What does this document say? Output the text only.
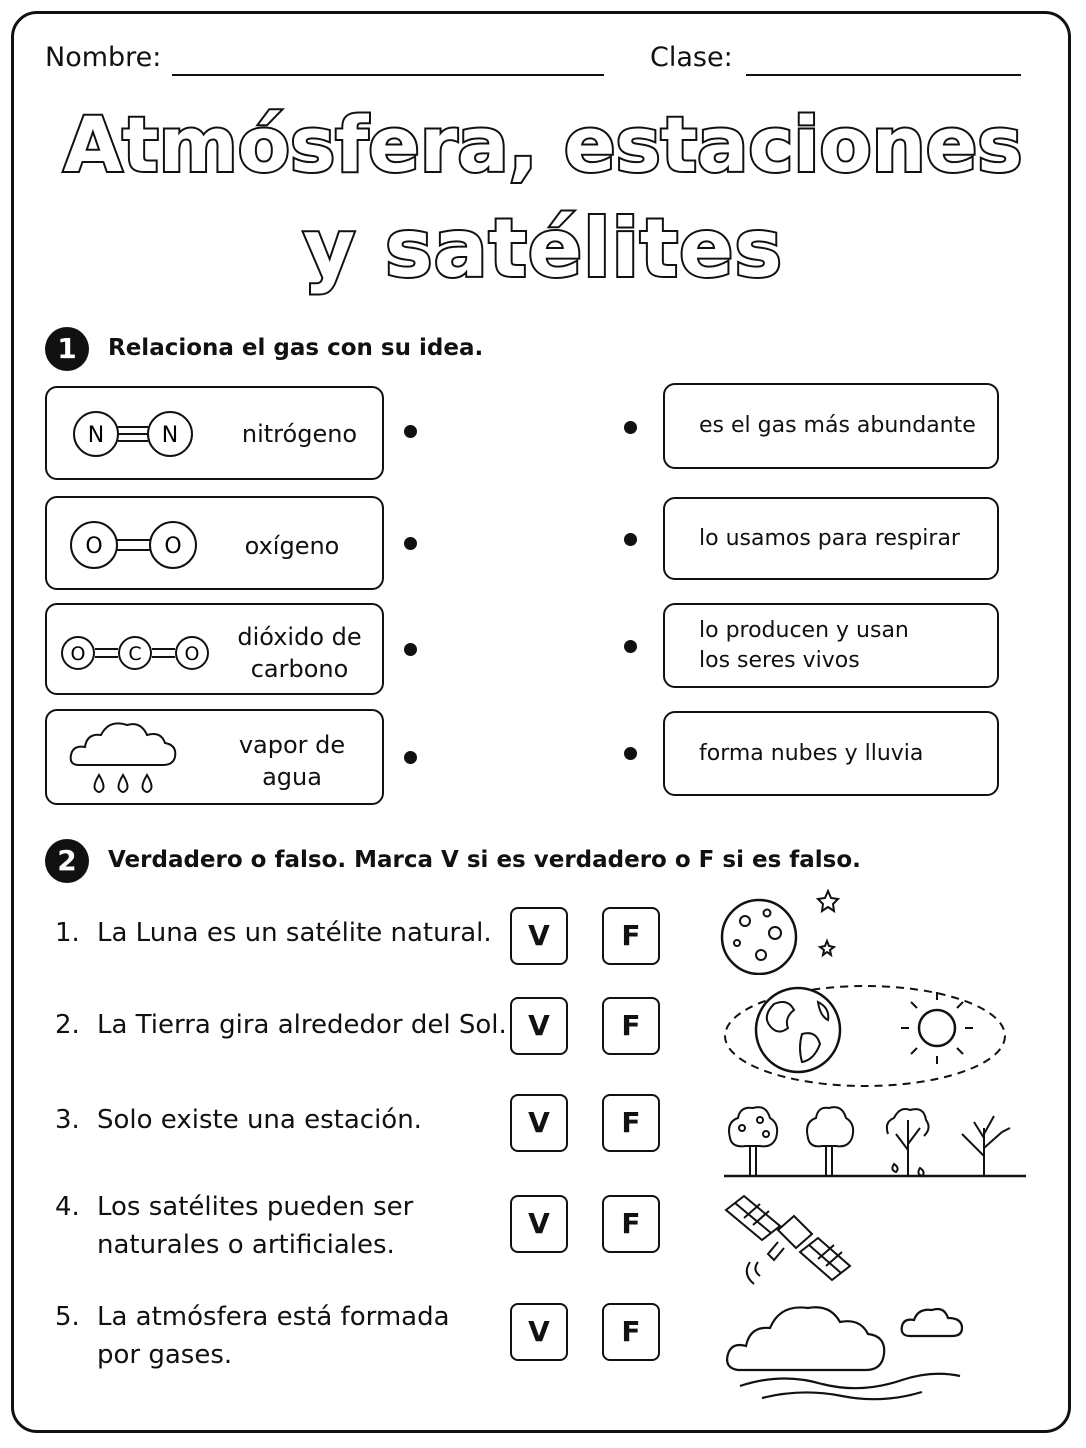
Nombre:	Clase:
Atmósfera, estaciones
y satélites
1	Relaciona el gas con su idea.
N	N	nitrógeno
O	O	oxígeno
O C O
dióxido de
carbono
vapor de
agua
es el gas más abundante
lo usamos para respirar
lo producen y usan
los seres vivos
forma nubes y lluvia
2	Verdadero o falso. Marca V si es verdadero o F si es falso.
1. La Luna es un satélite natural.	V	F
2. La Tierra gira alrededor del Sol. V	F
3. Solo existe una estación.	V	F
4. Los satélites pueden ser
naturales o artificiales.
V	F
5. La atmósfera está formada
por gases.
V	F
